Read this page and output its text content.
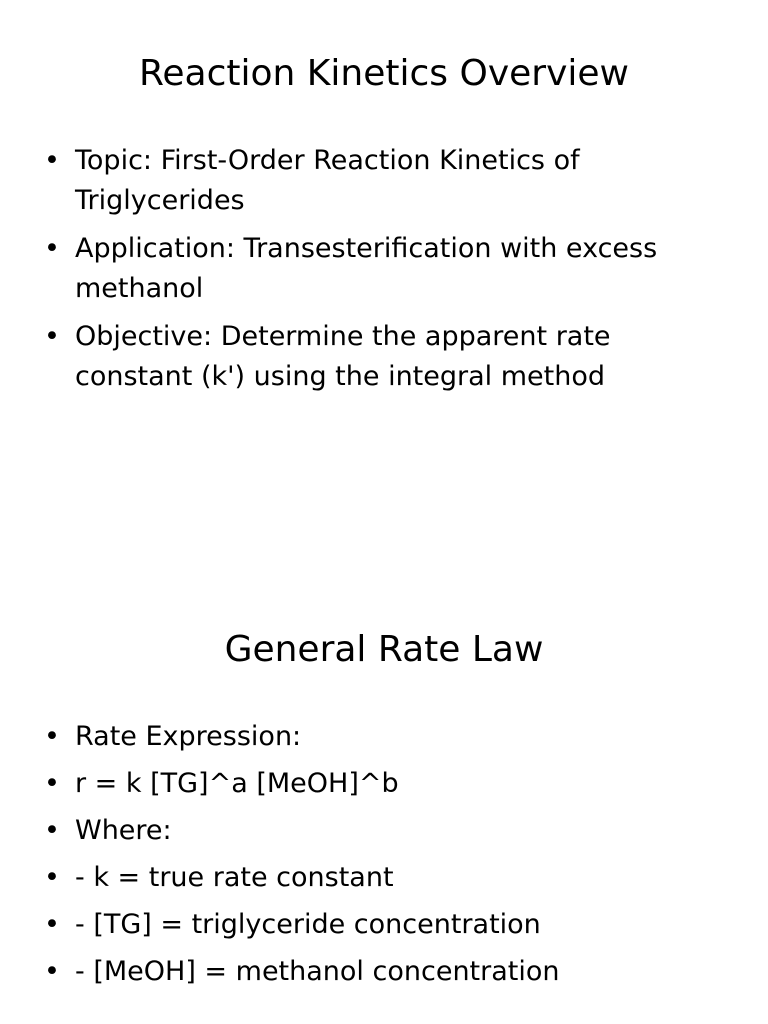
Reaction Kinetics Overview
• Topic: First-Order Reaction Kinetics of Triglycerides
• Application: Transesterification with excess methanol
• Objective: Determine the apparent rate constant (k') using the integral method
General Rate Law
• Rate Expression:
• r = k [TG]^a [MeOH]^b
• Where:
• - k = true rate constant
• - [TG] = triglyceride concentration
• - [MeOH] = methanol concentration
